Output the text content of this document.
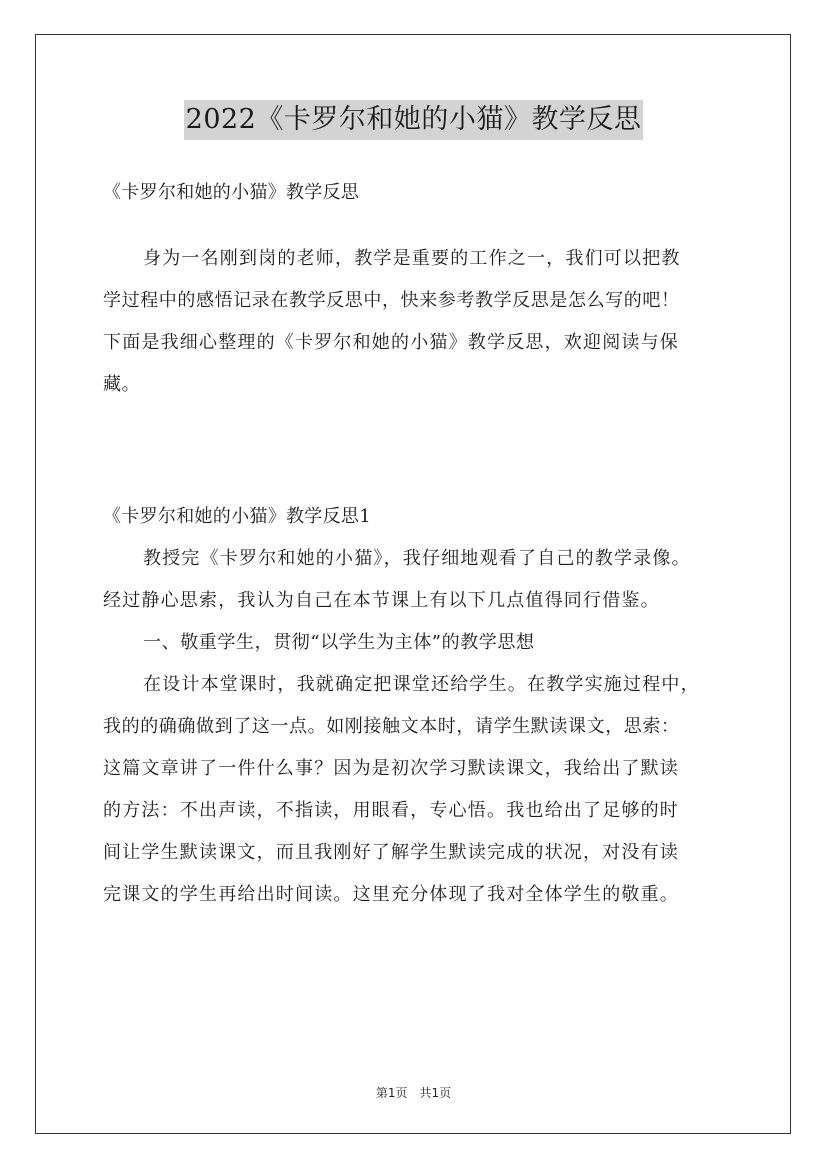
2022《卡罗尔和她的小猫》教学反思
《卡罗尔和她的小猫》教学反思
身为一名刚到岗的老师，教学是重要的工作之一，我们可以把教
学过程中的感悟记录在教学反思中，快来参考教学反思是怎么写的吧！
下面是我细心整理的《卡罗尔和她的小猫》教学反思，欢迎阅读与保
藏。
《卡罗尔和她的小猫》教学反思1
教授完《卡罗尔和她的小猫》，我仔细地观看了自己的教学录像。
经过静心思索，我认为自己在本节课上有以下几点值得同行借鉴。
一、敬重学生，贯彻“以学生为主体”的教学思想
在设计本堂课时，我就确定把课堂还给学生。在教学实施过程中，
我的的确确做到了这一点。如刚接触文本时，请学生默读课文，思索：
这篇文章讲了一件什么事？因为是初次学习默读课文，我给出了默读
的方法：不出声读，不指读，用眼看，专心悟。我也给出了足够的时
间让学生默读课文，而且我刚好了解学生默读完成的状况，对没有读
完课文的学生再给出时间读。这里充分体现了我对全体学生的敬重。
第1页　共1页
